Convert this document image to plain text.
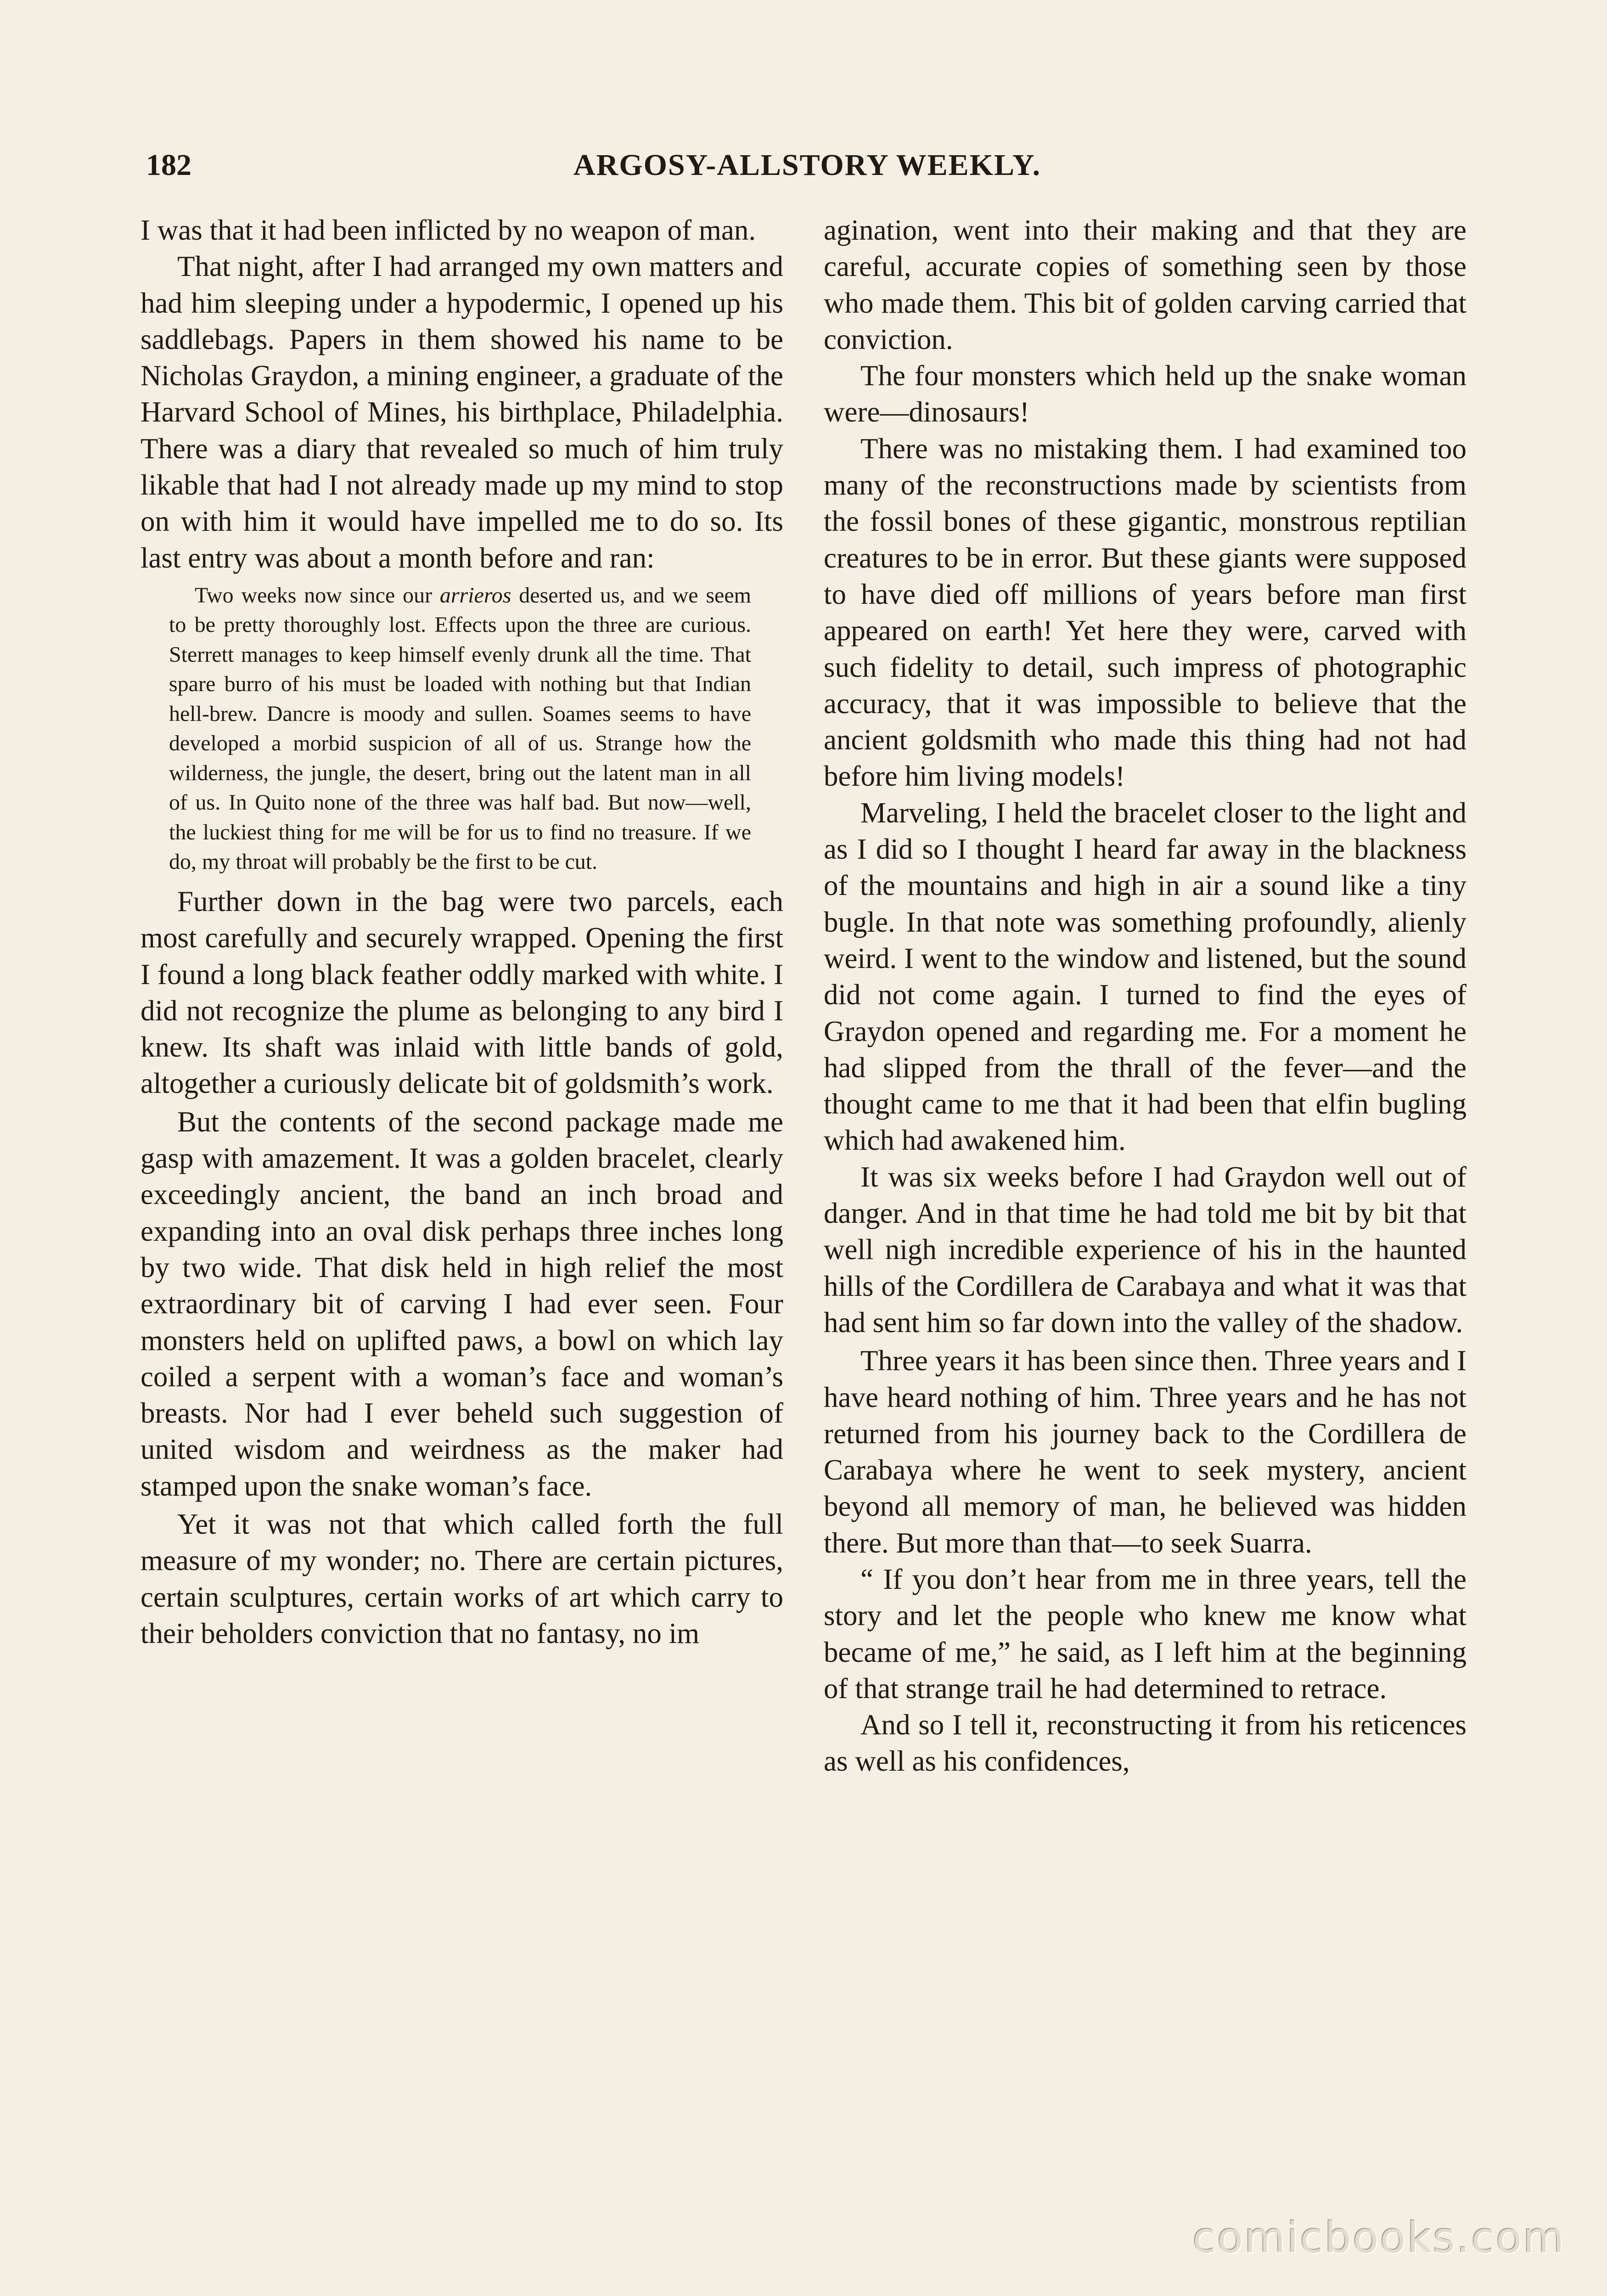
182	ARGOSY-ALLSTORY WEEKLY.

I was that it had been inflicted by no weapon of man.

That night, after I had arranged my own matters and had him sleeping under a hypodermic, I opened up his saddlebags. Papers in them showed his name to be Nicholas Graydon, a mining engineer, a graduate of the Harvard School of Mines, his birthplace, Philadelphia. There was a diary that revealed so much of him truly likable that had I not already made up my mind to stop on with him it would have impelled me to do so. Its last entry was about a month before and ran:

Two weeks now since our arrieros deserted us, and we seem to be pretty thoroughly lost. Effects upon the three are curious. Sterrett manages to keep himself evenly drunk all the time. That spare burro of his must be loaded with nothing but that Indian hell-brew. Dancre is moody and sullen. Soames seems to have developed a morbid suspicion of all of us. Strange how the wilderness, the jungle, the desert, bring out the latent man in all of us. In Quito none of the three was half bad. But now—well, the luckiest thing for me will be for us to find no treasure. If we do, my throat will probably be the first to be cut.

Further down in the bag were two parcels, each most carefully and securely wrapped. Opening the first I found a long black feather oddly marked with white. I did not recognize the plume as belonging to any bird I knew. Its shaft was inlaid with little bands of gold, altogether a curiously delicate bit of goldsmith’s work.

But the contents of the second package made me gasp with amazement. It was a golden bracelet, clearly exceedingly ancient, the band an inch broad and expanding into an oval disk perhaps three inches long by two wide. That disk held in high relief the most extraordinary bit of carving I had ever seen. Four monsters held on uplifted paws, a bowl on which lay coiled a serpent with a woman’s face and woman’s breasts. Nor had I ever beheld such suggestion of united wisdom and weirdness as the maker had stamped upon the snake woman’s face.

Yet it was not that which called forth the full measure of my wonder; no. There are certain pictures, certain sculptures, certain works of art which carry to their beholders conviction that no fantasy, no im

agination, went into their making and that they are careful, accurate copies of something seen by those who made them. This bit of golden carving carried that conviction.

The four monsters which held up the snake woman were—dinosaurs!

There was no mistaking them. I had examined too many of the reconstructions made by scientists from the fossil bones of these gigantic, monstrous reptilian creatures to be in error. But these giants were supposed to have died off millions of years before man first appeared on earth! Yet here they were, carved with such fidelity to detail, such impress of photographic accuracy, that it was impossible to believe that the ancient goldsmith who made this thing had not had before him living models!

Marveling, I held the bracelet closer to the light and as I did so I thought I heard far away in the blackness of the mountains and high in air a sound like a tiny bugle. In that note was something profoundly, alienly weird. I went to the window and listened, but the sound did not come again. I turned to find the eyes of Graydon opened and regarding me. For a moment he had slipped from the thrall of the fever—and the thought came to me that it had been that elfin bugling which had awakened him.

It was six weeks before I had Graydon well out of danger. And in that time he had told me bit by bit that well nigh incredible experience of his in the haunted hills of the Cordillera de Carabaya and what it was that had sent him so far down into the valley of the shadow.

Three years it has been since then. Three years and I have heard nothing of him. Three years and he has not returned from his journey back to the Cordillera de Carabaya where he went to seek mystery, ancient beyond all memory of man, he believed was hidden there. But more than that—to seek Suarra.

“ If you don’t hear from me in three years, tell the story and let the people who knew me know what became of me,” he said, as I left him at the beginning of that strange trail he had determined to retrace.

And so I tell it, reconstructing it from his reticences as well as his confidences,

comicbooks.com
